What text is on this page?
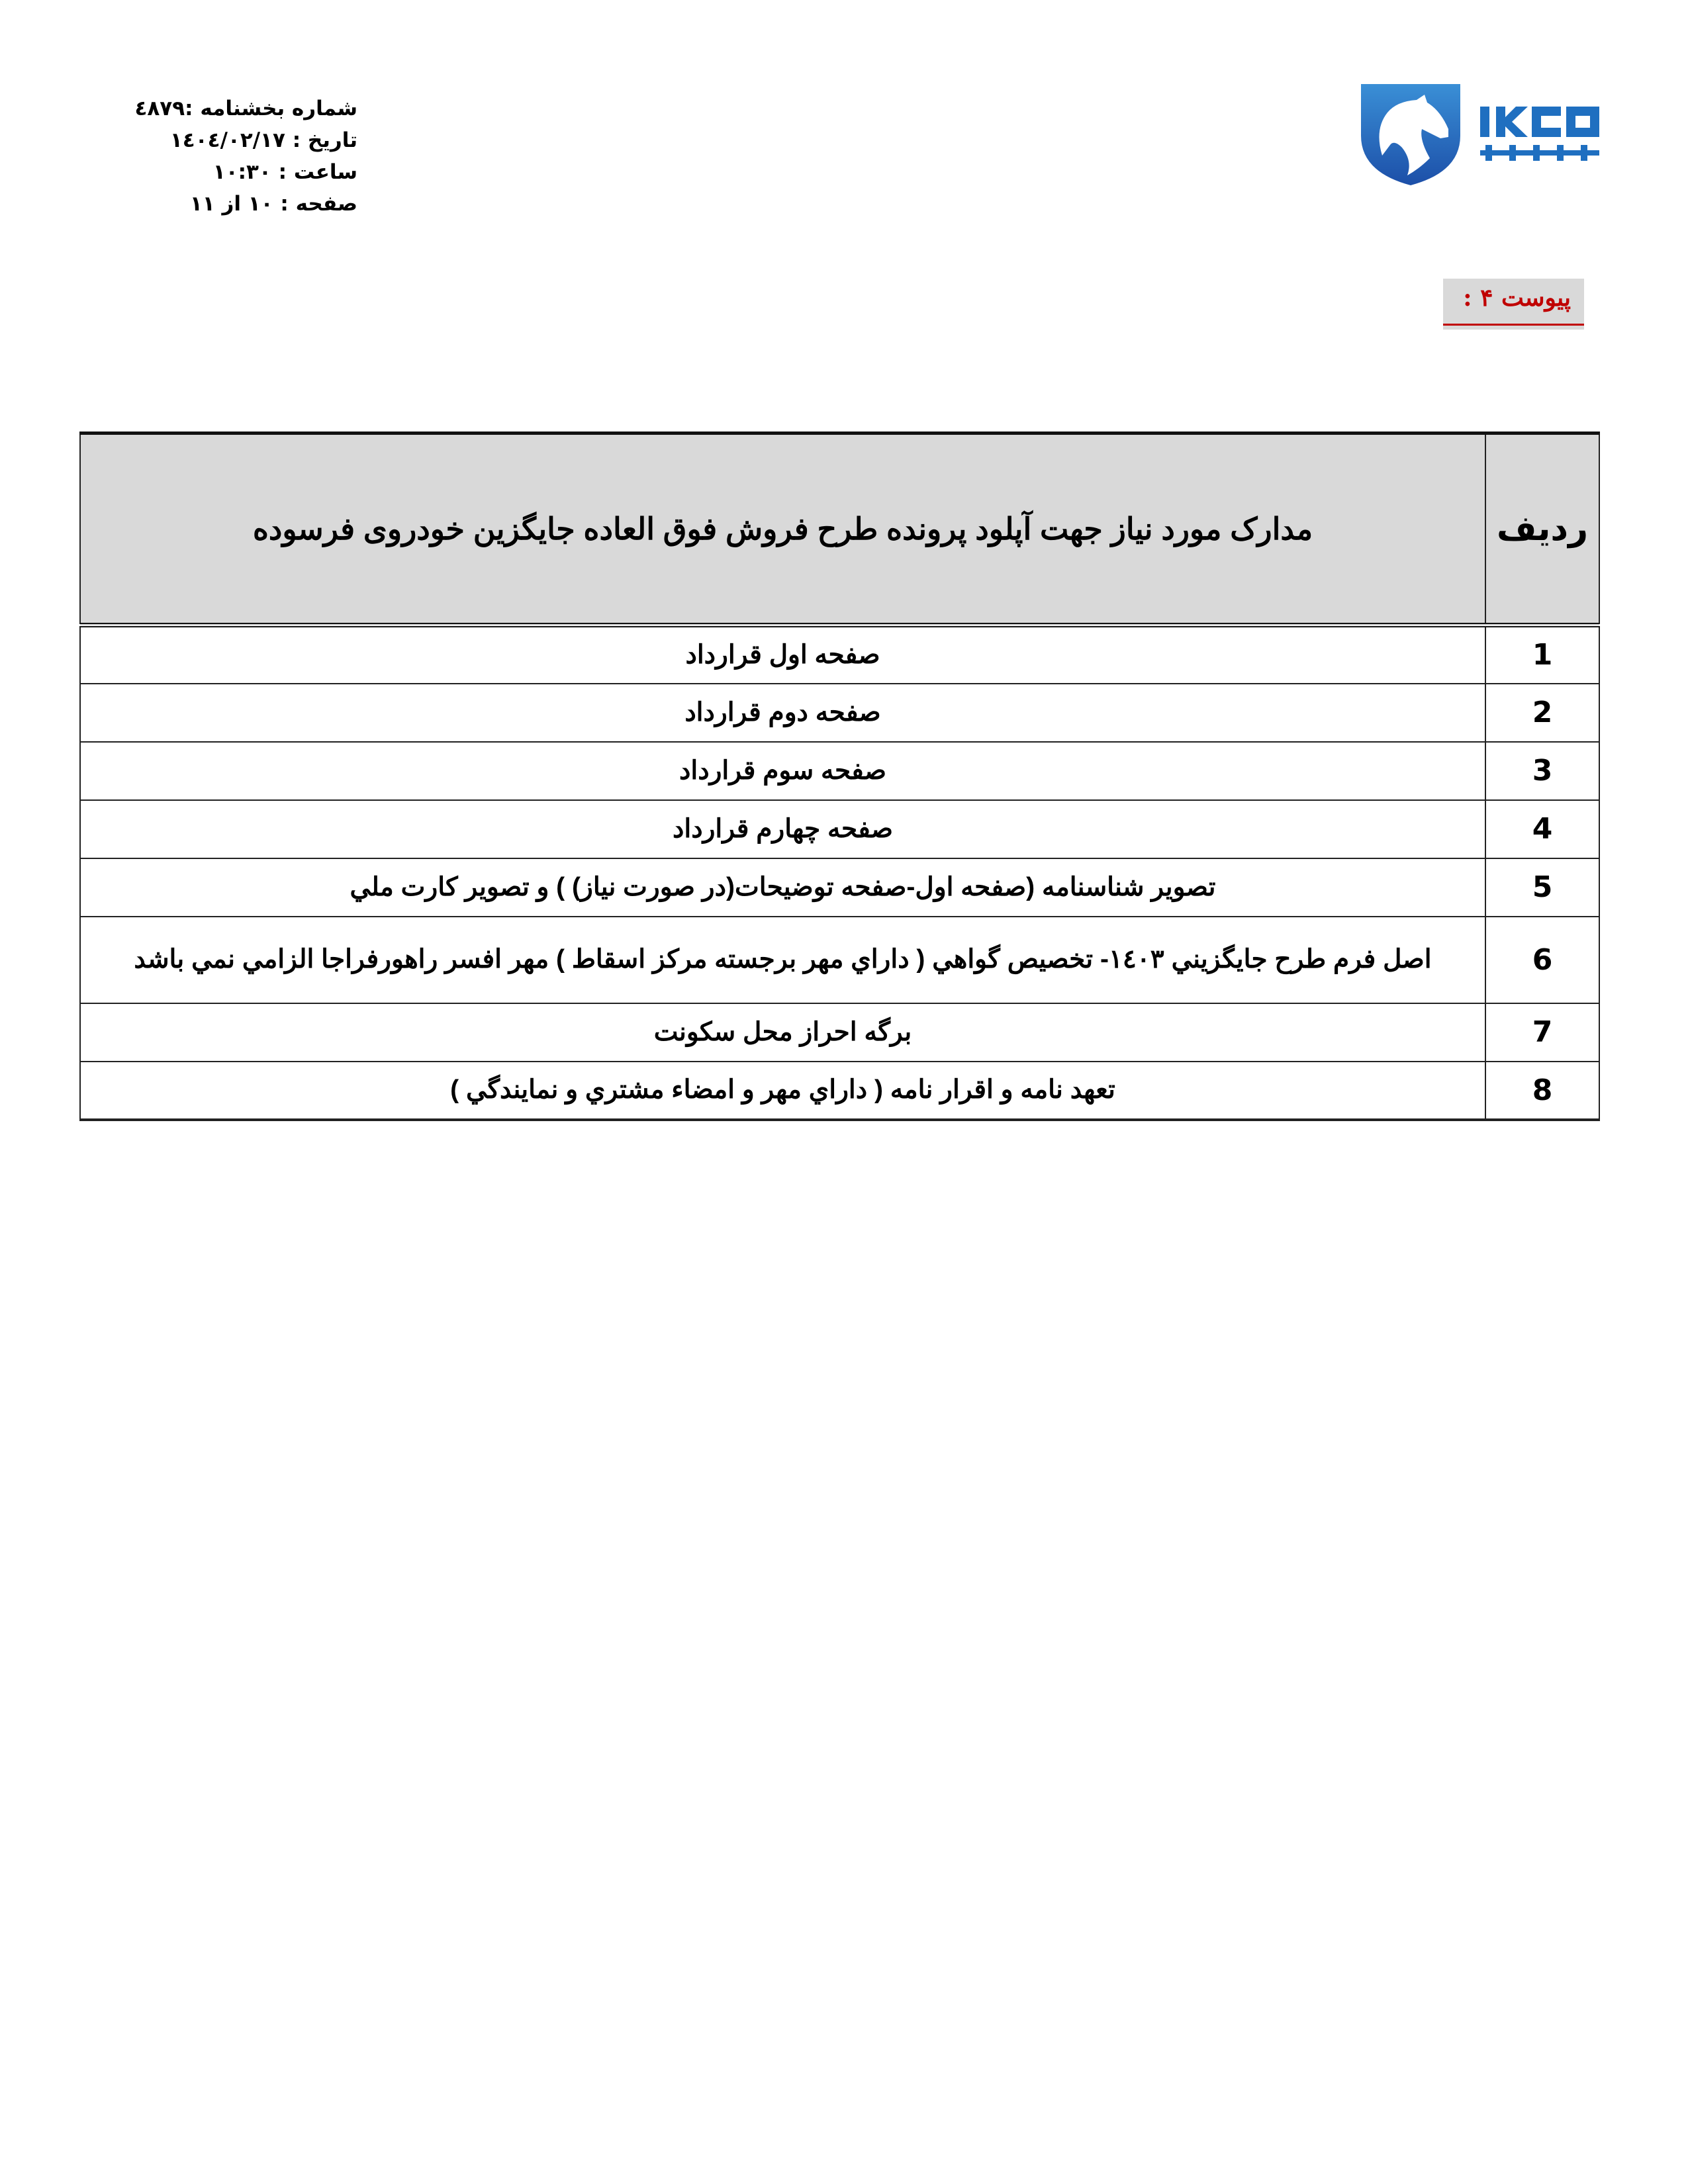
شماره بخشنامه :٤٨٧٩
تاریخ : ١٤٠٤/٠٢/١٧
ساعت : ١٠:٣٠
صفحه : ١٠ از ١١
پیوست ۴ :
ردیف	مدارک مورد نیاز جهت آپلود پرونده طرح فروش فوق العاده جایگزین خودروی فرسوده
1	صفحه اول قرارداد
2	صفحه دوم قرارداد
3	صفحه سوم قرارداد
4	صفحه چهارم قرارداد
5	تصویر شناسنامه (صفحه اول-صفحه توضیحات(در صورت نیاز) ) و تصویر کارت ملي
6	اصل فرم طرح جایگزیني ١٤٠٣- تخصیص گواهي ( داراي مهر برجسته مرکز اسقاط ) مهر افسر راهورفراجا الزامي نمي باشد
7	برگه احراز محل سکونت
8	تعهد نامه و اقرار نامه ( داراي مهر و امضاء مشتري و نمایندگي )
